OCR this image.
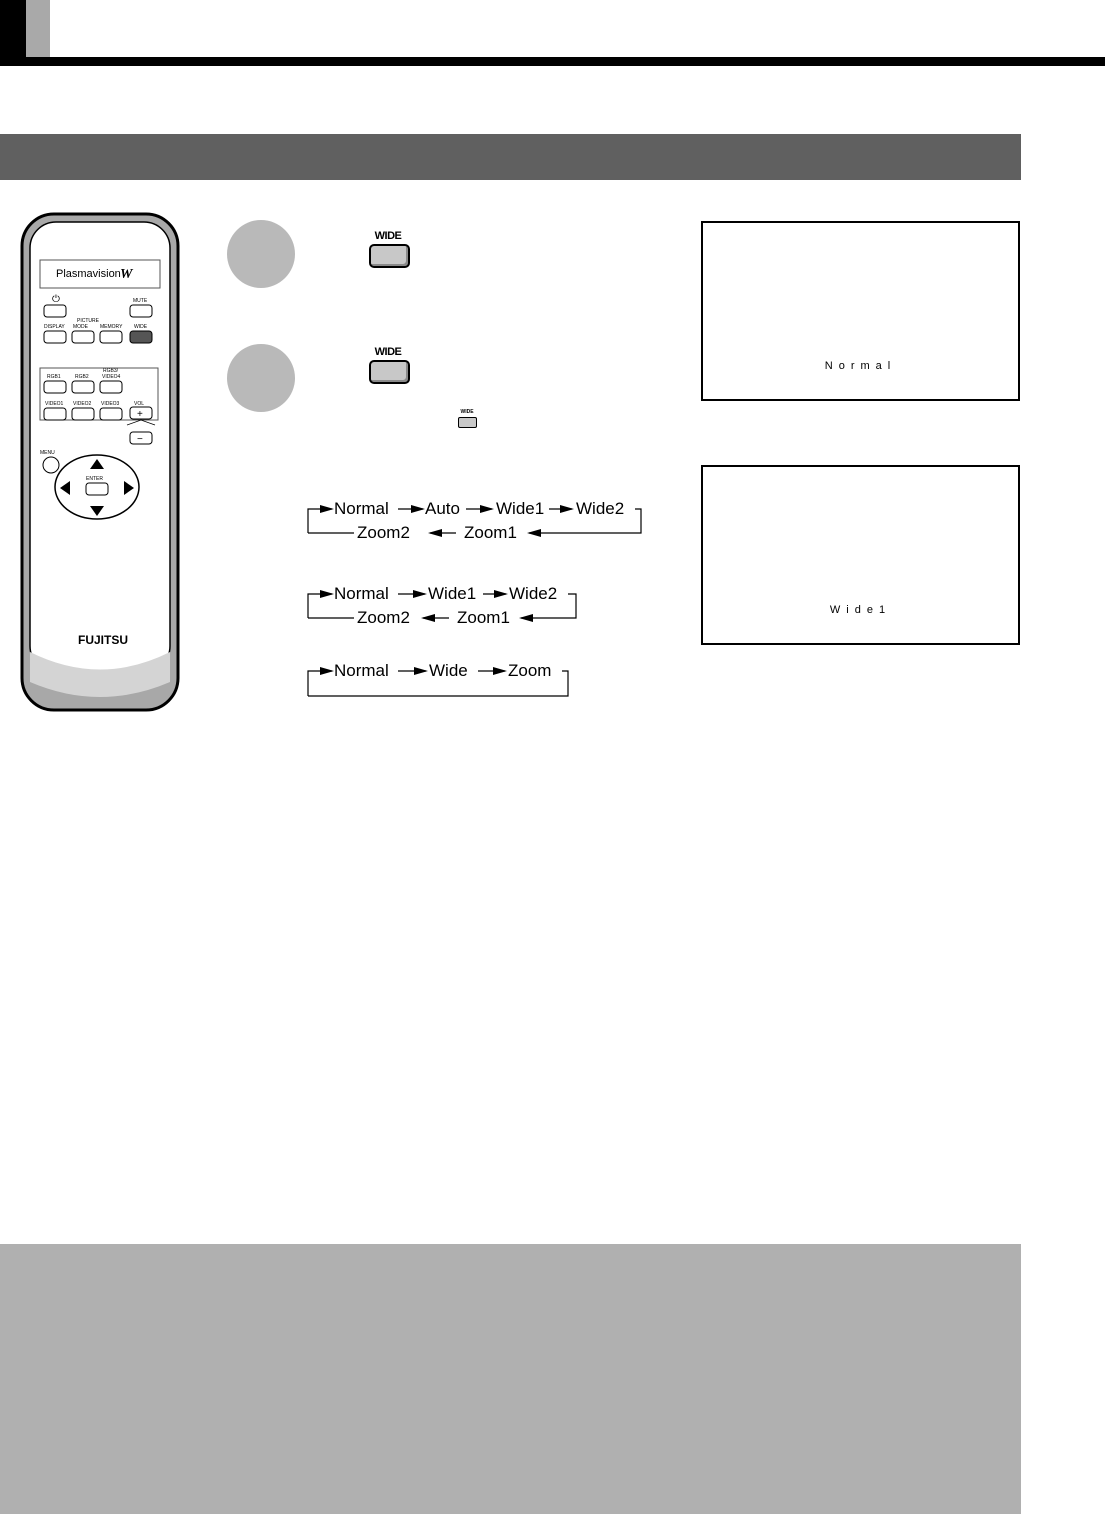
Plasmavision W
⏻	MUTE
PICTURE
DISPLAY MODE MEMORY WIDE
RGB1	RGB2
RGB3/
VIDEO4
VIDEO1 VIDEO2 VIDEO3	VOL
+
−
MENU
ENTER
FUJITSU
WIDE
WIDE
WIDE
Normal Auto Wide1 Wide2
Zoom2	Zoom1
Normal Wide1 Wide2
Zoom2	Zoom1
Normal Wide Zoom
Normal
Wide1
